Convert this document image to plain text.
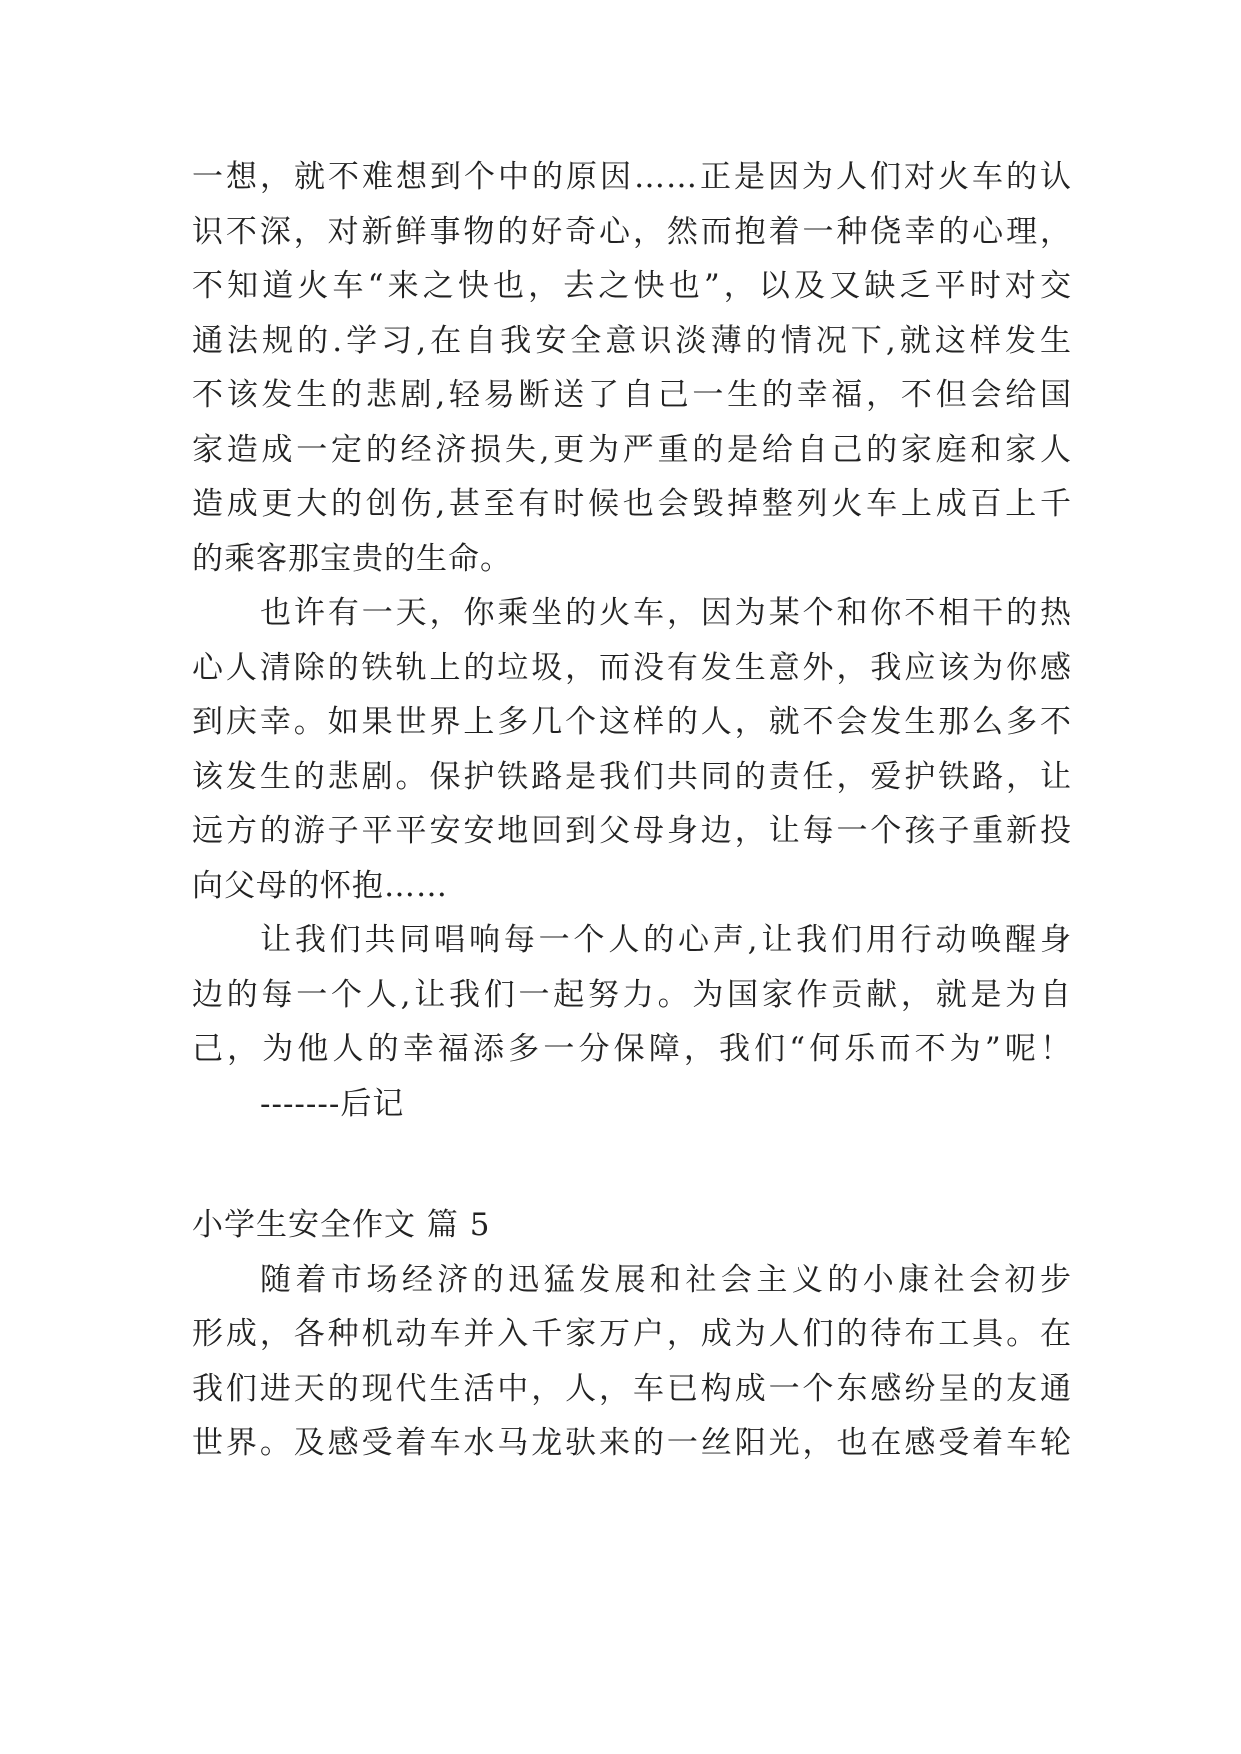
一想，就不难想到个中的原因……正是因为人们对火车的认
识不深，对新鲜事物的好奇心，然而抱着一种侥幸的心理，
不知道火车“来之快也，去之快也”，以及又缺乏平时对交
通法规的.学习,在自我安全意识淡薄的情况下,就这样发生
不该发生的悲剧,轻易断送了自己一生的幸福，不但会给国
家造成一定的经济损失,更为严重的是给自己的家庭和家人
造成更大的创伤,甚至有时候也会毁掉整列火车上成百上千
的乘客那宝贵的生命。
也许有一天，你乘坐的火车，因为某个和你不相干的热
心人清除的铁轨上的垃圾，而没有发生意外，我应该为你感
到庆幸。如果世界上多几个这样的人，就不会发生那么多不
该发生的悲剧。保护铁路是我们共同的责任，爱护铁路，让
远方的游子平平安安地回到父母身边，让每一个孩子重新投
向父母的怀抱……
让我们共同唱响每一个人的心声,让我们用行动唤醒身
边的每一个人,让我们一起努力。为国家作贡献，就是为自
己，为他人的幸福添多一分保障，我们“何乐而不为”呢！
-------后记
小学生安全作文 篇 5
随着市场经济的迅猛发展和社会主义的小康社会初步
形成，各种机动车并入千家万户，成为人们的待布工具。在
我们进天的现代生活中，人，车已构成一个东感纷呈的友通
世界。及感受着车水马龙驮来的一丝阳光，也在感受着车轮
